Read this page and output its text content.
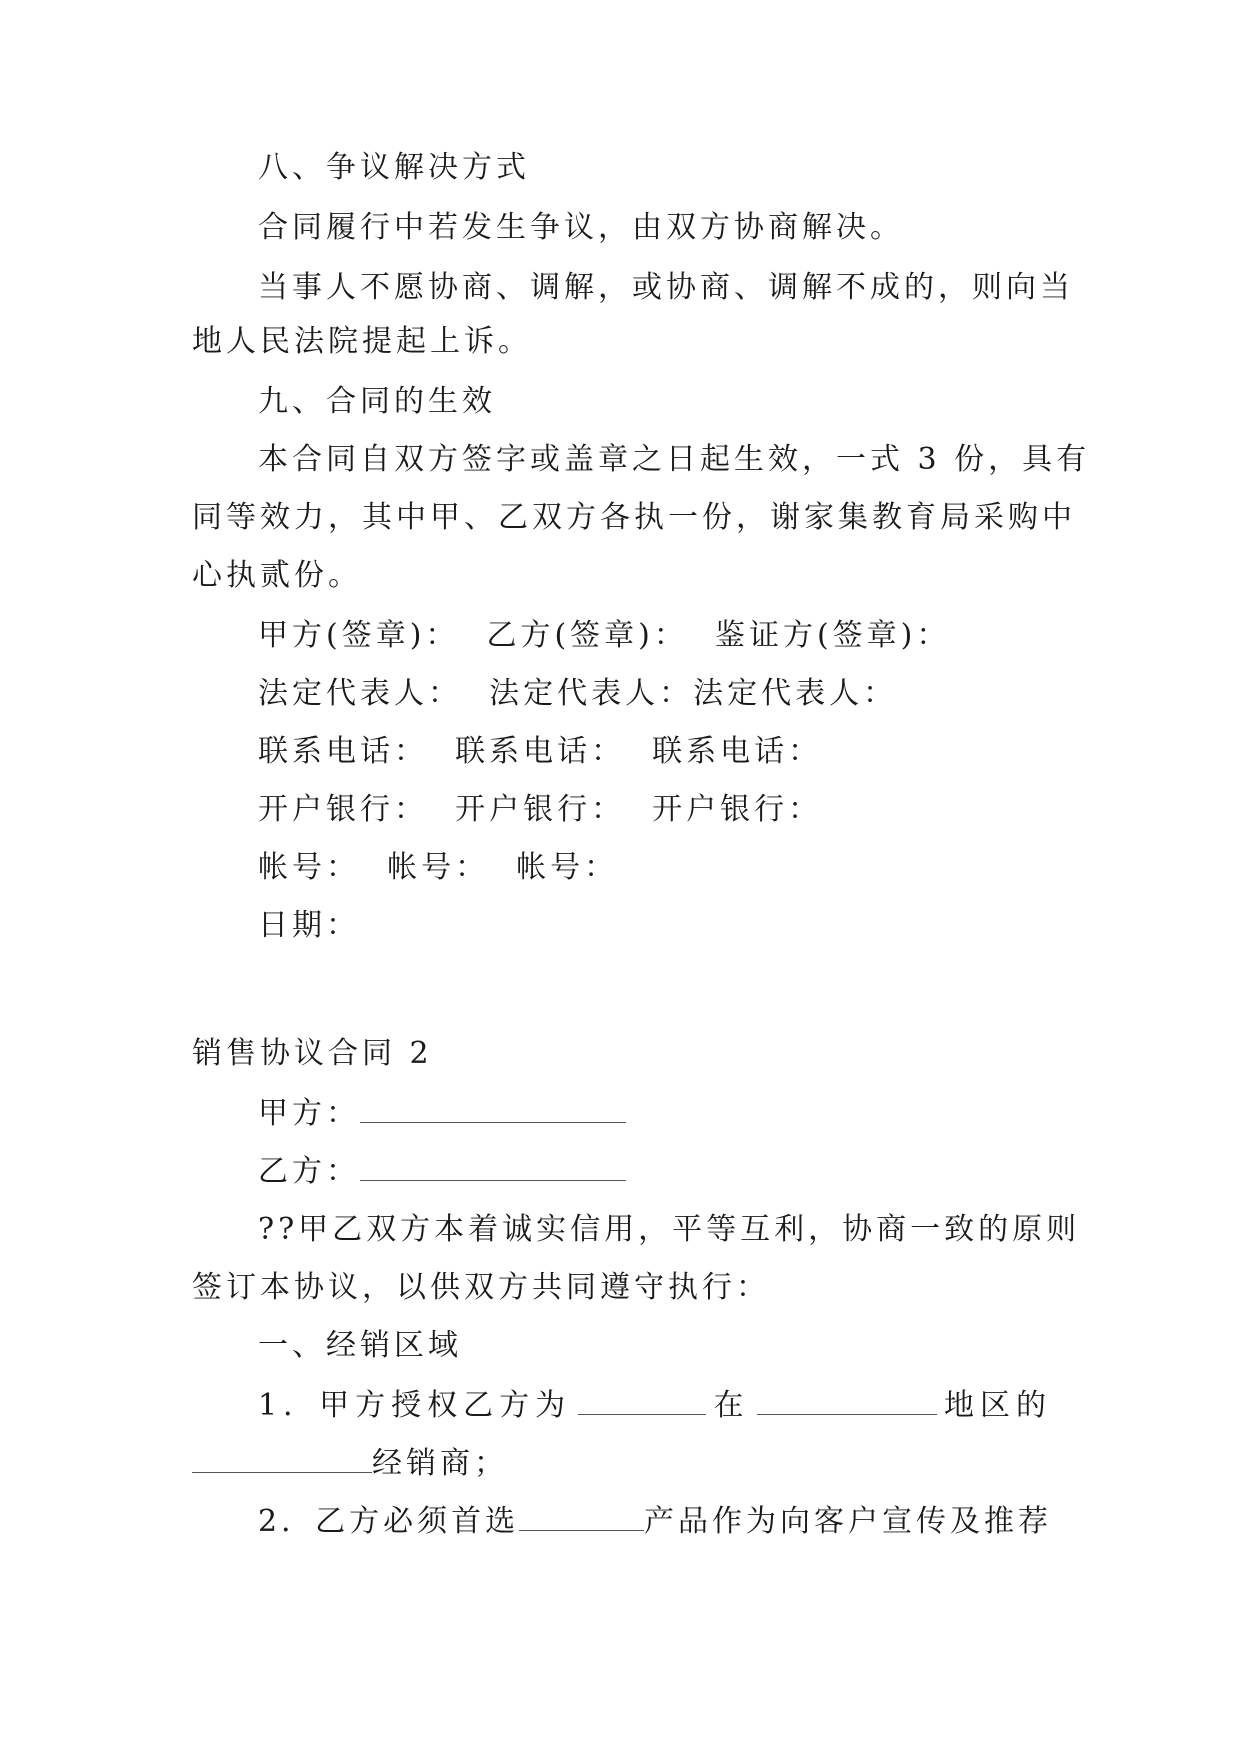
八、争议解决方式
合同履行中若发生争议，由双方协商解决。
当事人不愿协商、调解，或协商、调解不成的，则向当
地人民法院提起上诉。
九、合同的生效
本合同自双方签字或盖章之日起生效，一式 3 份，具有
同等效力，其中甲、乙双方各执一份，谢家集教育局采购中
心执贰份。
甲方(签章)：  乙方(签章)：  鉴证方(签章)：
法定代表人：  法定代表人：法定代表人：
联系电话：  联系电话：  联系电话：
开户银行：  开户银行：  开户银行：
帐号：  帐号：  帐号：
日期：
销售协议合同 2
甲方：
乙方：
??甲乙双方本着诚实信用，平等互利，协商一致的原则
签订本协议，以供双方共同遵守执行：
一、经销区域
1．甲方授权乙方为	在	地区的
经销商；
2．乙方必须首选	产品作为向客户宣传及推荐
